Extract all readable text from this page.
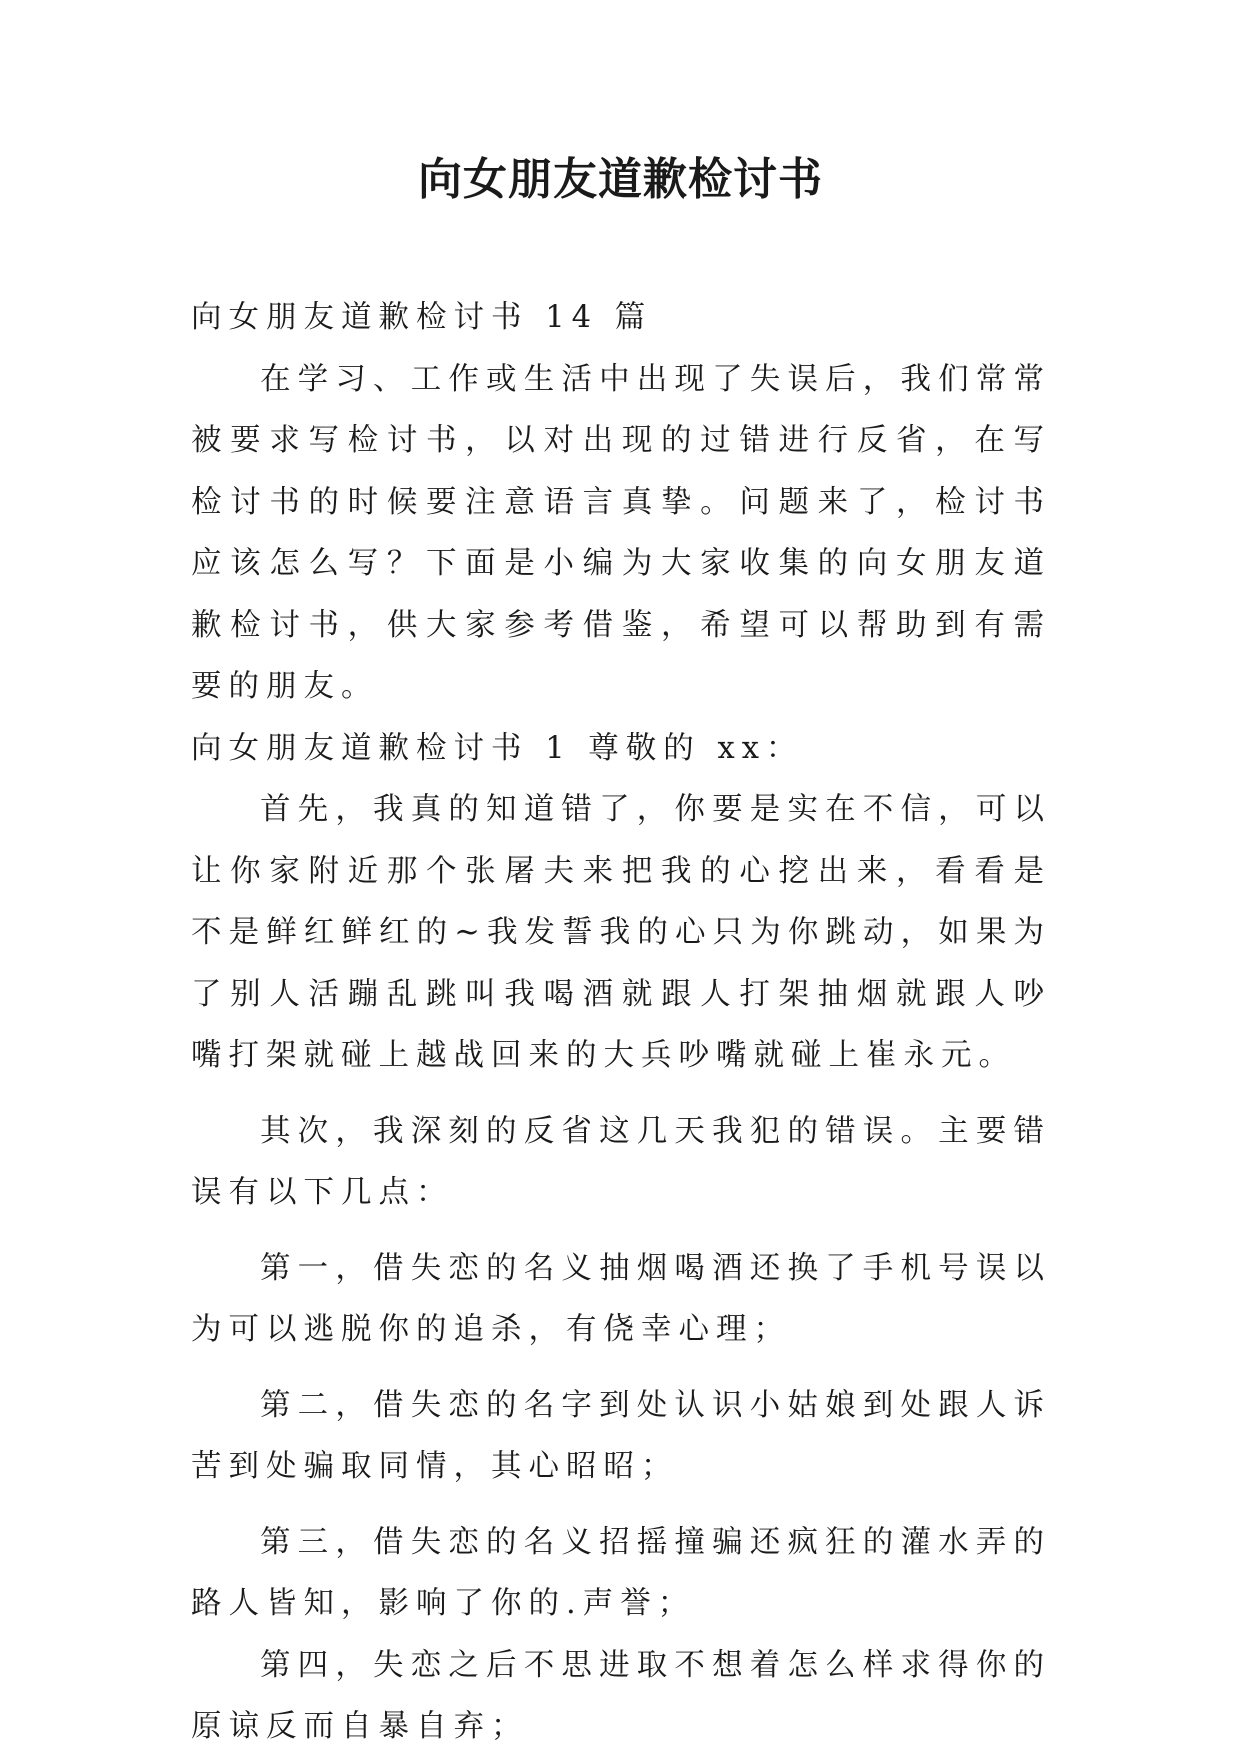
向女朋友道歉检讨书

向女朋友道歉检讨书 14 篇

在学习、工作或生活中出现了失误后，我们常常被要求写检讨书，以对出现的过错进行反省，在写检讨书的时候要注意语言真挚。问题来了，检讨书应该怎么写？下面是小编为大家收集的向女朋友道歉检讨书，供大家参考借鉴，希望可以帮助到有需要的朋友。

向女朋友道歉检讨书 1 尊敬的 xx：

首先，我真的知道错了，你要是实在不信，可以让你家附近那个张屠夫来把我的心挖出来，看看是不是鲜红鲜红的~我发誓我的心只为你跳动，如果为了别人活蹦乱跳叫我喝酒就跟人打架抽烟就跟人吵嘴打架就碰上越战回来的大兵吵嘴就碰上崔永元。

其次，我深刻的反省这几天我犯的错误。主要错误有以下几点：

第一，借失恋的名义抽烟喝酒还换了手机号误以为可以逃脱你的追杀，有侥幸心理；

第二，借失恋的名字到处认识小姑娘到处跟人诉苦到处骗取同情，其心昭昭；

第三，借失恋的名义招摇撞骗还疯狂的灌水弄的路人皆知，影响了你的.声誉；

第四，失恋之后不思进取不想着怎么样求得你的原谅反而自暴自弃；
